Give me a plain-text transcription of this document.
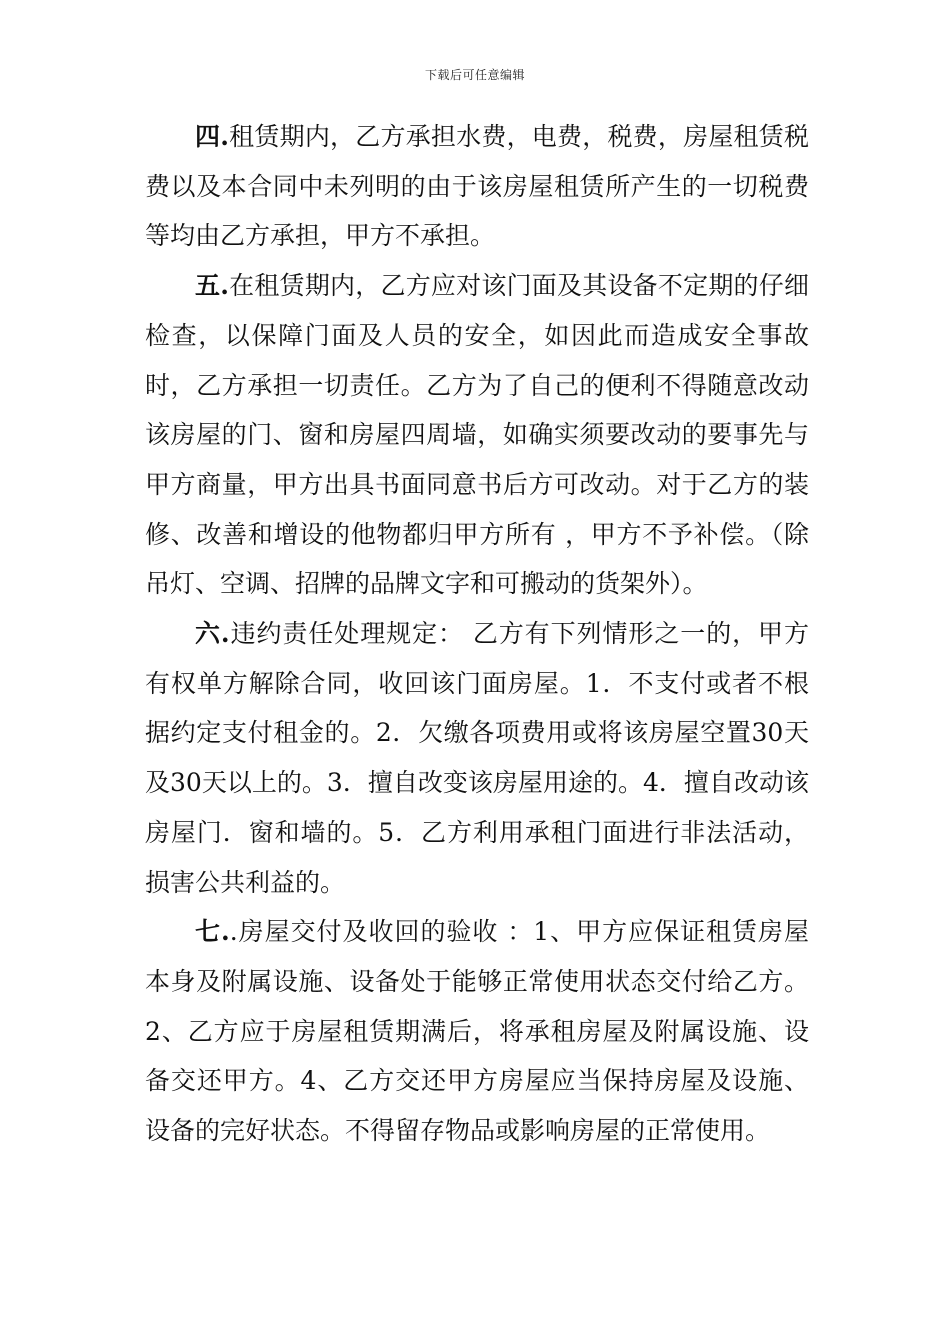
下载后可任意编辑

四.租赁期内，乙方承担水费，电费，税费，房屋租赁税费以及本合同中未列明的由于该房屋租赁所产生的一切税费等均由乙方承担，甲方不承担。

五.在租赁期内，乙方应对该门面及其设备不定期的仔细检查，以保障门面及人员的安全，如因此而造成安全事故时，乙方承担一切责任。乙方为了自己的便利不得随意改动该房屋的门、窗和房屋四周墙，如确实须要改动的要事先与甲方商量，甲方出具书面同意书后方可改动。对于乙方的装修、改善和增设的他物都归甲方所有 ，甲方不予补偿。（除吊灯、空调、招牌的品牌文字和可搬动的货架外）。

六.违约责任处理规定： 乙方有下列情形之一的，甲方有权单方解除合同，收回该门面房屋。1．不支付或者不根据约定支付租金的。2．欠缴各项费用或将该房屋空置30天及30天以上的。3．擅自改变该房屋用途的。4．擅自改动该房屋门．窗和墙的。5．乙方利用承租门面进行非法活动，损害公共利益的。

七..房屋交付及收回的验收 ：1、甲方应保证租赁房屋本身及附属设施、设备处于能够正常使用状态交付给乙方。2、乙方应于房屋租赁期满后，将承租房屋及附属设施、设备交还甲方。4、乙方交还甲方房屋应当保持房屋及设施、设备的完好状态。不得留存物品或影响房屋的正常使用。
